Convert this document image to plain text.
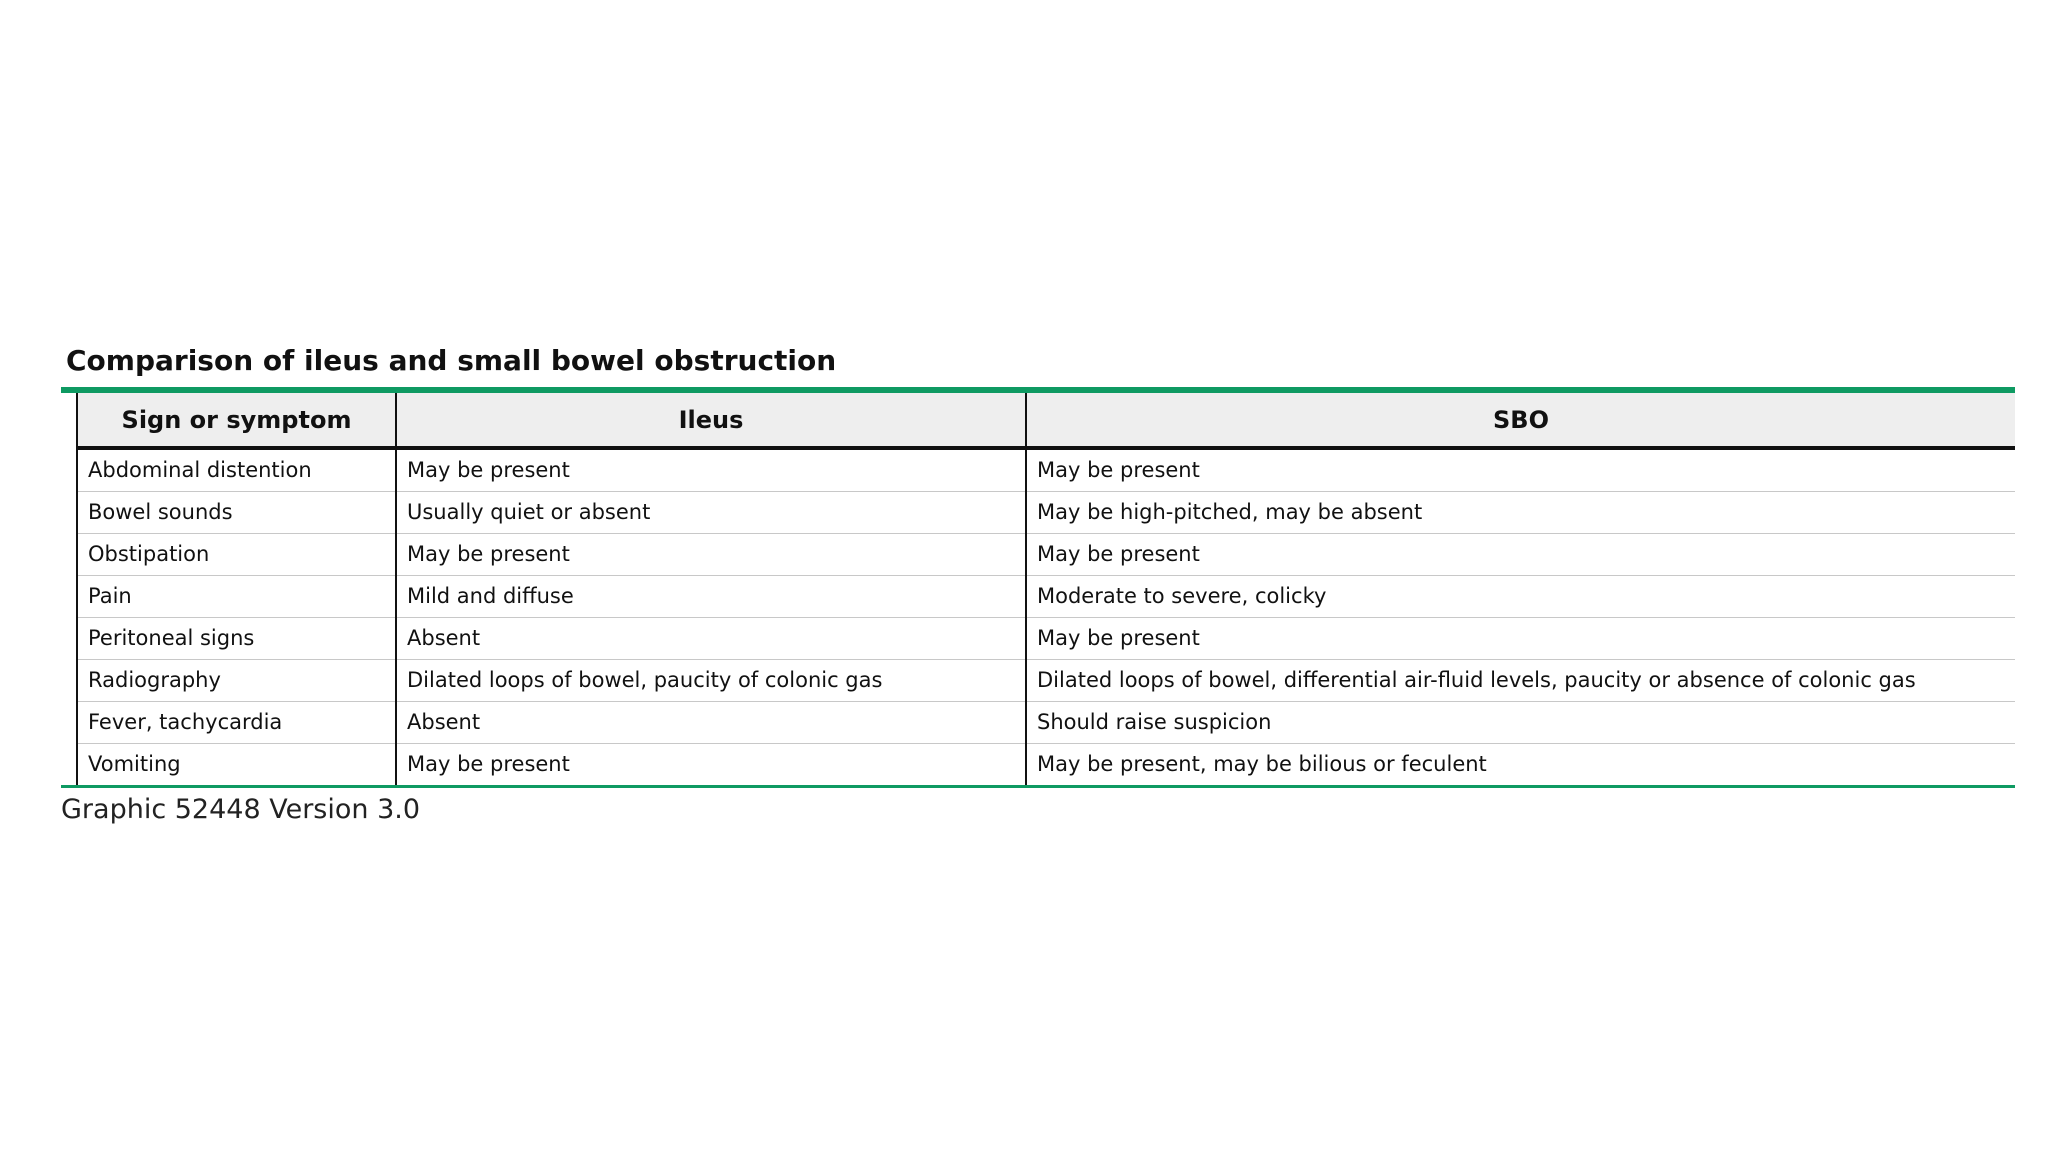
Comparison of ileus and small bowel obstruction
Sign or symptom	Ileus	SBO
Abdominal distention	May be present	May be present
Bowel sounds	Usually quiet or absent	May be high-pitched, may be absent
Obstipation	May be present	May be present
Pain	Mild and diffuse	Moderate to severe, colicky
Peritoneal signs	Absent	May be present
Radiography	Dilated loops of bowel, paucity of colonic gas	Dilated loops of bowel, differential air-fluid levels, paucity or absence of colonic gas
Fever, tachycardia	Absent	Should raise suspicion
Vomiting	May be present	May be present, may be bilious or feculent
Graphic 52448 Version 3.0
